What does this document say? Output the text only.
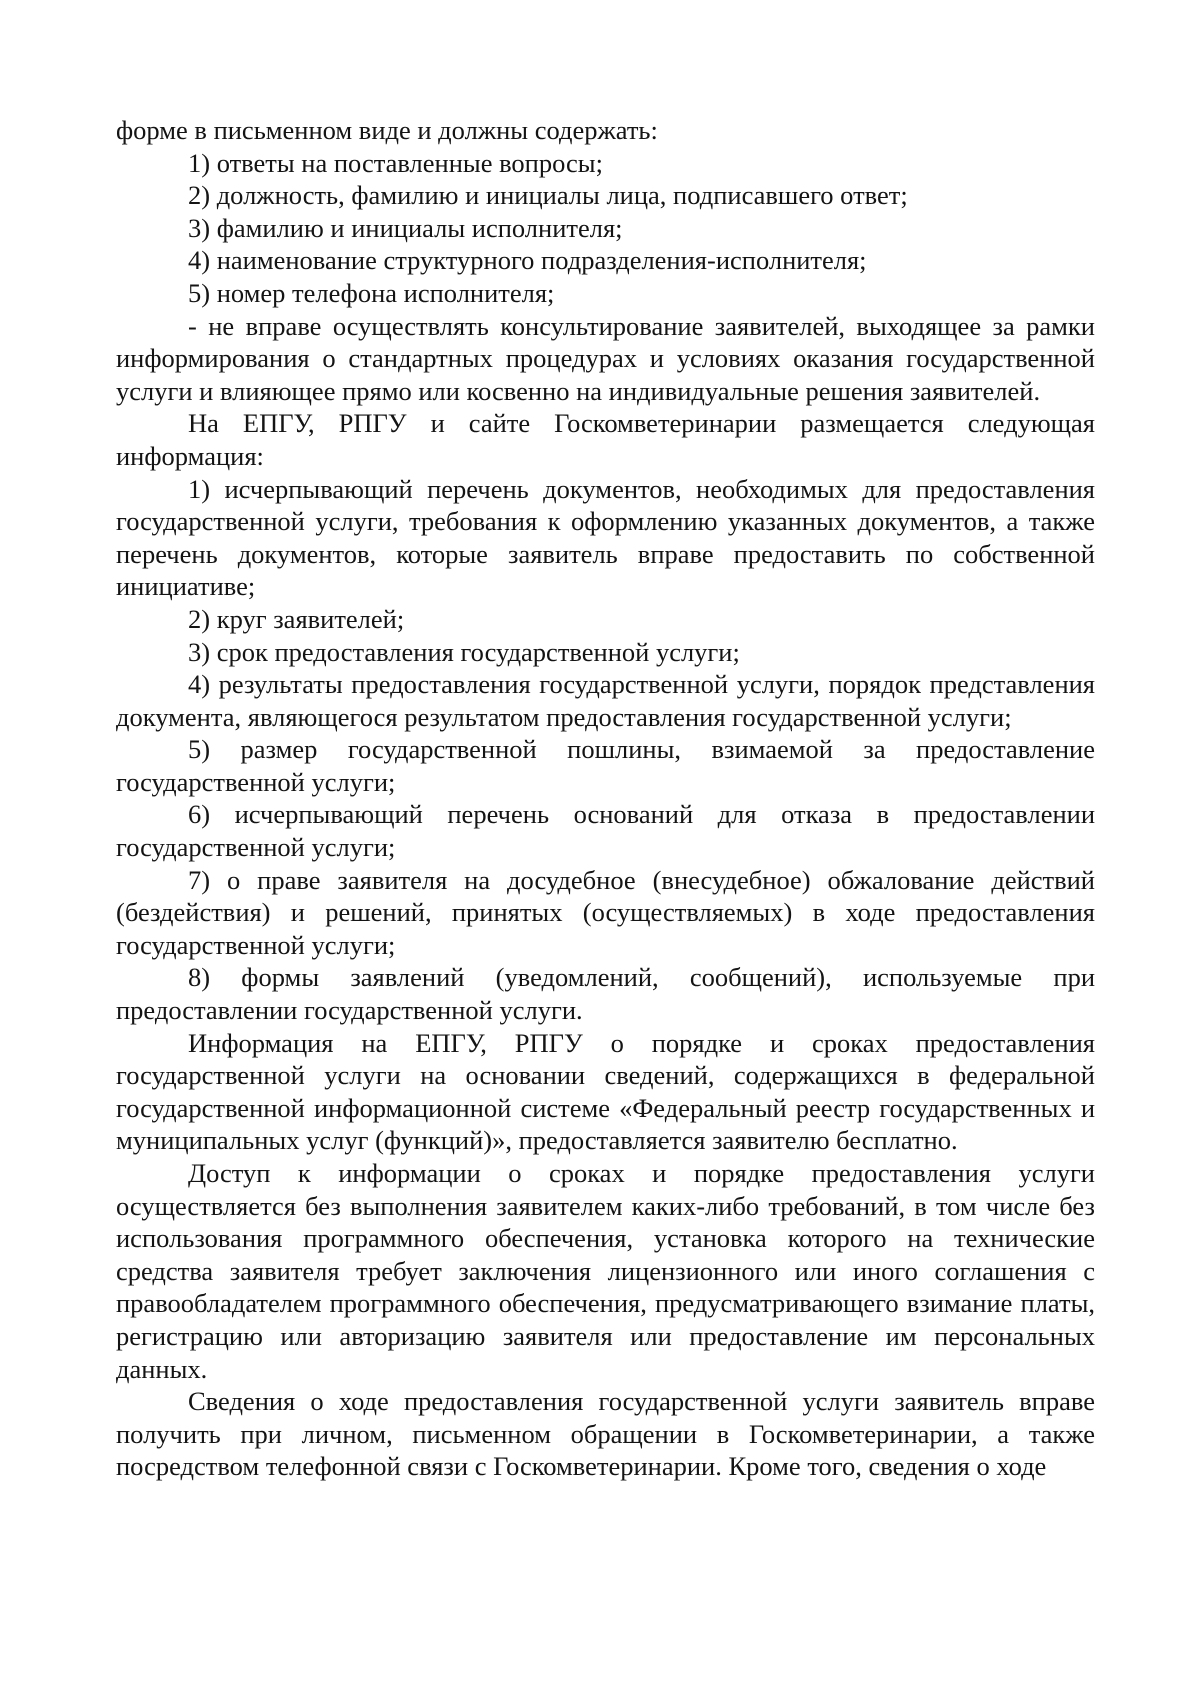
форме в письменном виде и должны содержать:

1) ответы на поставленные вопросы;

2) должность, фамилию и инициалы лица, подписавшего ответ;

3) фамилию и инициалы исполнителя;

4) наименование структурного подразделения-исполнителя;

5) номер телефона исполнителя;

- не вправе осуществлять консультирование заявителей, выходящее за рамки информирования о стандартных процедурах и условиях оказания государственной услуги и влияющее прямо или косвенно на индивидуальные решения заявителей.

На ЕПГУ, РПГУ и сайте Госкомветеринарии размещается следующая информация:

1) исчерпывающий перечень документов, необходимых для предоставления государственной услуги, требования к оформлению указанных документов, а также перечень документов, которые заявитель вправе предоставить по собственной инициативе;

2) круг заявителей;

3) срок предоставления государственной услуги;

4) результаты предоставления государственной услуги, порядок представления документа, являющегося результатом предоставления государственной услуги;

5) размер государственной пошлины, взимаемой за предоставление государственной услуги;

6) исчерпывающий перечень оснований для отказа в предоставлении государственной услуги;

7) о праве заявителя на досудебное (внесудебное) обжалование действий (бездействия) и решений, принятых (осуществляемых) в ходе предоставления государственной услуги;

8) формы заявлений (уведомлений, сообщений), используемые при предоставлении государственной услуги.

Информация на ЕПГУ, РПГУ о порядке и сроках предоставления государственной услуги на основании сведений, содержащихся в федеральной государственной информационной системе «Федеральный реестр государственных и муниципальных услуг (функций)», предоставляется заявителю бесплатно.

Доступ к информации о сроках и порядке предоставления услуги осуществляется без выполнения заявителем каких-либо требований, в том числе без использования программного обеспечения, установка которого на технические средства заявителя требует заключения лицензионного или иного соглашения с правообладателем программного обеспечения, предусматривающего взимание платы, регистрацию или авторизацию заявителя или предоставление им персональных данных.

Сведения о ходе предоставления государственной услуги заявитель вправе получить при личном, письменном обращении в Госкомветеринарии, а также посредством телефонной связи с Госкомветеринарии. Кроме того, сведения о ходе
